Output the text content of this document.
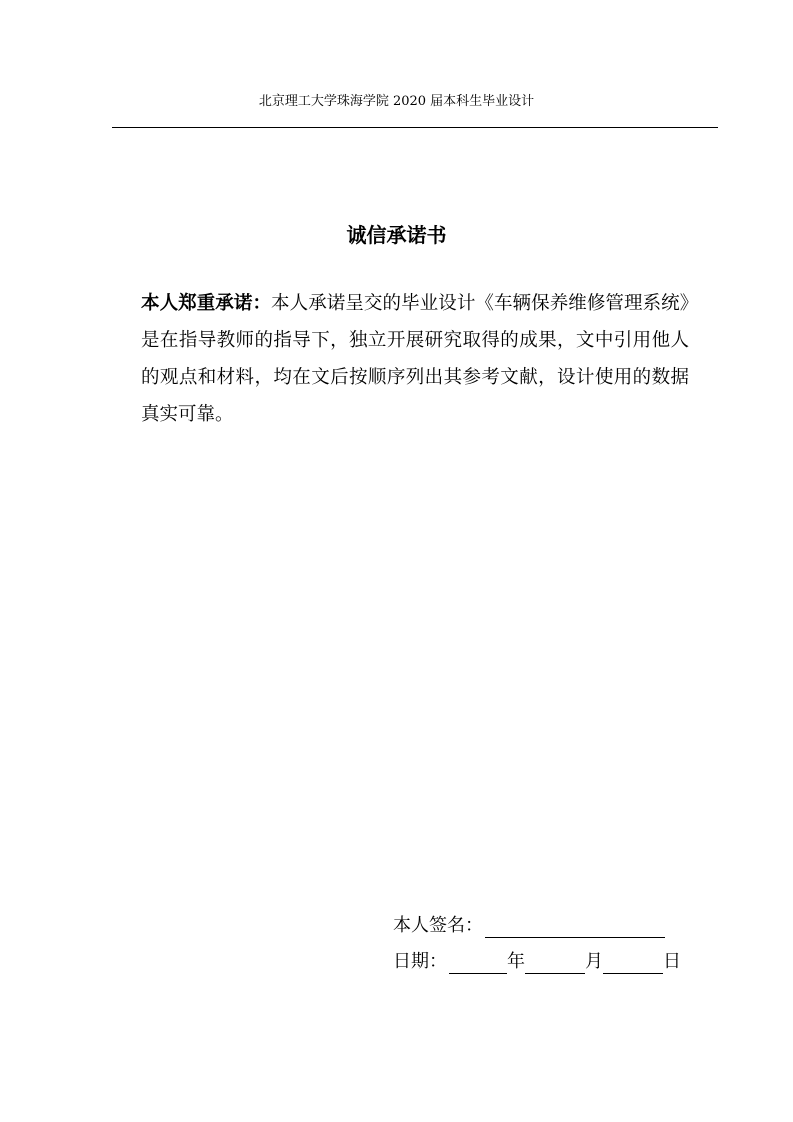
北京理工大学珠海学院 2020 届本科生毕业设计
诚信承诺书
本人郑重承诺：本人承诺呈交的毕业设计《车辆保养维修管理系统》是在指导教师的指导下，独立开展研究取得的成果，文中引用他人的观点和材料，均在文后按顺序列出其参考文献，设计使用的数据真实可靠。
本人签名：
日期：	年	月	日
